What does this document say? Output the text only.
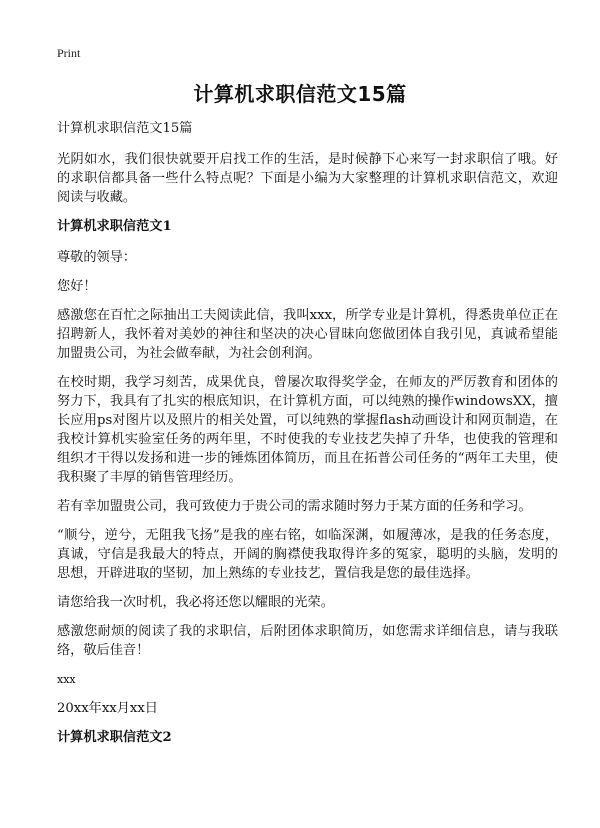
Print
计算机求职信范文15篇

计算机求职信范文15篇

光阴如水，我们很快就要开启找工作的生活，是时候静下心来写一封求职信了哦。好的求职信都具备一些什么特点呢？下面是小编为大家整理的计算机求职信范文，欢迎阅读与收藏。

计算机求职信范文1

尊敬的领导：

您好！

感激您在百忙之际抽出工夫阅读此信，我叫xxx，所学专业是计算机，得悉贵单位正在招聘新人，我怀着对美妙的神往和坚决的决心冒昧向您做团体自我引见，真诚希望能加盟贵公司，为社会做奉献，为社会创利润。

在校时期，我学习刻苦，成果优良，曾屡次取得奖学金，在师友的严厉教育和团体的努力下，我具有了扎实的根底知识，在计算机方面，可以纯熟的操作windowsXX，擅长应用ps对图片以及照片的相关处置，可以纯熟的掌握flash动画设计和网页制造，在我校计算机实验室任务的两年里，不时使我的专业技艺失掉了升华，也使我的管理和组织才干得以发扬和进一步的锤炼团体简历，而且在拓普公司任务的“两年工夫里，使我积聚了丰厚的销售管理经历。

若有幸加盟贵公司，我可致使力于贵公司的需求随时努力于某方面的任务和学习。

“顺兮，逆兮，无阻我飞扬”是我的座右铭，如临深渊，如履薄冰，是我的任务态度，真诚，守信是我最大的特点，开阔的胸襟使我取得许多的冤家，聪明的头脑，发明的思想，开辟进取的坚韧，加上熟练的专业技艺，置信我是您的最佳选择。

请您给我一次时机，我必将还您以耀眼的光荣。

感激您耐烦的阅读了我的求职信，后附团体求职简历，如您需求详细信息，请与我联络，敬后佳音！

xxx

20xx年xx月xx日

计算机求职信范文2
